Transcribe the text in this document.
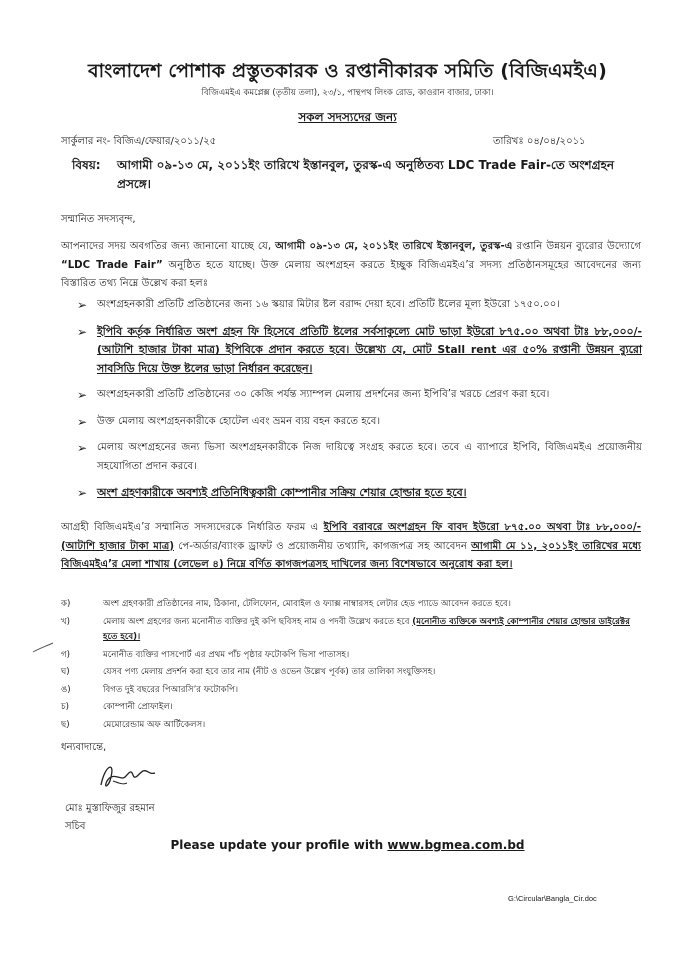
বাংলাদেশ পোশাক প্রস্তুতকারক ও রপ্তানীকারক সমিতি (বিজিএমইএ)
বিজিএমইএ কমপ্লেক্স (তৃতীয় তলা), ২৩/১, পান্থপথ লিংক রোড, কাওরান বাজার, ঢাকা।
সকল সদস্যদের জন্য
সার্কুলার নং- বিজিএ/ফেয়ার/২০১১/২৫	তারিখঃ ০৪/০৪/২০১১
বিষয়: আগামী ০৯-১৩ মে, ২০১১ইং তারিখে ইস্তানবুল, তুরস্ক-এ অনুষ্ঠিতব্য LDC Trade Fair-তে অংশগ্রহন প্রসঙ্গে।
সম্মানিত সদস্যবৃন্দ,
আপনাদের সদয় অবগতির জন্য জানানো যাচ্ছে যে, আগামী ০৯-১৩ মে, ২০১১ইং তারিখে ইস্তানবুল, তুরস্ক-এ রপ্তানি উন্নয়ন ব্যুরোর উদ্যোগে “LDC Trade Fair” অনুষ্ঠিত হতে যাচ্ছে। উক্ত মেলায় অংশগ্রহন করতে ইচ্ছুক বিজিএমইএ’র সদস্য প্রতিষ্ঠানসমূহের আবেদনের জন্য বিস্তারিত তথ্য নিম্নে উল্লেখ করা হলঃ
➢ অংশগ্রহনকারী প্রতিটি প্রতিষ্ঠানের জন্য ১৬ স্কয়ার মিটার ষ্টল বরাদ্দ দেয়া হবে। প্রতিটি ষ্টলের মূল্য ইউরো ১৭৫০.০০।
➢ ইপিবি কর্তৃক নির্ধারিত অংশ গ্রহন ফি হিসেবে প্রতিটি ষ্টলের সর্বসাকুল্যে মোট ভাড়া ইউরো ৮৭৫.০০ অথবা টাঃ ৮৮,০০০/- (আটাশি হাজার টাকা মাত্র) ইপিবিকে প্রদান করতে হবে। উল্লেখ্য যে, মোট Stall rent এর ৫০% রপ্তানী উন্নয়ন ব্যুরো সাবসিডি দিয়ে উক্ত ষ্টলের ভাড়া নির্ধারন করেছেন।
➢ অংশগ্রহনকারী প্রতিটি প্রতিষ্ঠানের ৩০ কেজি পর্যন্ত স্যাম্পল মেলায় প্রদর্শনের জন্য ইপিবি’র খরচে প্রেরণ করা হবে।
➢ উক্ত মেলায় অংশগ্রহনকারীকে হোটেল এবং ভ্রমন ব্যয় বহন করতে হবে।
➢ মেলায় অংশগ্রহনের জন্য ভিসা অংশগ্রহনকারীকে নিজ দায়িত্বে সংগ্রহ করতে হবে। তবে এ ব্যাপারে ইপিবি, বিজিএমইএ প্রয়োজনীয় সহযোগিতা প্রদান করবে।
➢ অংশ গ্রহণকারীকে অবশ্যই প্রতিনিধিত্বকারী কোম্পানীর সক্রিয় শেয়ার হোল্ডার হতে হবে।
আগ্রহী বিজিএমইএ’র সম্মানিত সদস্যদেরকে নির্ধারিত ফরম এ ইপিবি বরাবরে অংশগ্রহন ফি বাবদ ইউরো ৮৭৫.০০ অথবা টাঃ ৮৮,০০০/- (আটাশি হাজার টাকা মাত্র) পে-অর্ডার/ব্যাংক ড্রাফট ও প্রয়োজনীয় তথ্যাদি, কাগজপত্র সহ আবেদন আগামী মে ১১, ২০১১ইং তারিখের মধ্যে বিজিএমইএ’র মেলা শাখায় (লেভেল ৪) নিম্নে বর্ণিত কাগজপত্রসহ দাখিলের জন্য বিশেষভাবে অনুরোধ করা হল।
ক)	অংশ গ্রহণকারী প্রতিষ্ঠানের নাম, ঠিকানা, টেলিফোন, মোবাইল ও ফ্যাক্স নাম্বারসহ লেটার হেড প্যাডে আবেদন করতে হবে।
খ)	মেলায় অংশ গ্রহণের জন্য মনোনীত ব্যক্তির দুই কপি ছবিসহ নাম ও পদবী উল্লেখ করতে হবে (মনোনীত ব্যক্তিকে অবশ্যই কোম্পানীর শেয়ার হোল্ডার ডাইরেক্টর হতে হবে)।
গ)	মনোনীত ব্যক্তির পাসপোর্ট এর প্রথম পাঁচ পৃষ্ঠার ফটোকপি ভিসা পাতাসহ।
ঘ)	যেসব পণ্য মেলায় প্রদর্শন করা হবে তার নাম (নীট ও ওভেন উল্লেখ পূর্বক) তার তালিকা সংযুক্তিসহ।
ঙ)	বিগত দুই বছরের পিআরসি’র ফটোকপি।
চ)	কোম্পানী প্রোফাইল।
ছ)	মেমোরেন্ডাম অফ আর্টিকেলস।
ধন্যবাদান্তে,
মোঃ মুস্তাফিজুর রহমান
সচিব
Please update your profile with www.bgmea.com.bd
G:\Circular\Bangla_Cir.doc
